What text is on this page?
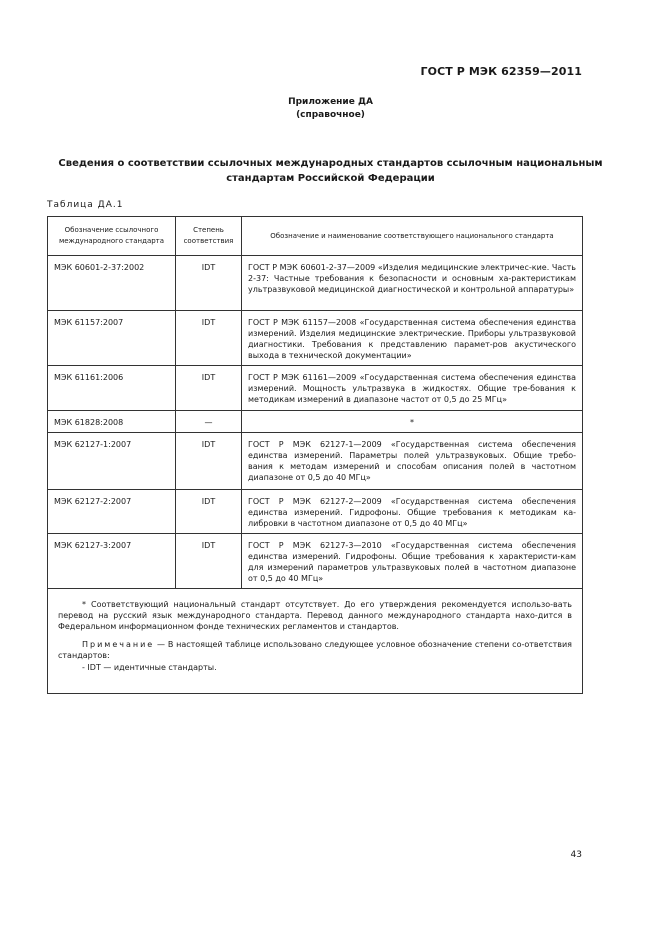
ГОСТ Р МЭК 62359—2011
Приложение ДА
(справочное)
Сведения о соответствии ссылочных международных стандартов ссылочным национальным
стандартам Российской Федерации
Таблица ДА.1
Обозначение ссылочного международного стандарта	Степень соответствия	Обозначение и наименование соответствующего национального стандарта
МЭК 60601-2-37:2002	IDT	ГОСТ Р МЭК 60601-2-37—2009 «Изделия медицинские электричес-кие. Часть 2-37: Частные требования к безопасности и основным ха-рактеристикам ультразвуковой медицинской диагностической и контрольной аппаратуры»
МЭК 61157:2007	IDT	ГОСТ Р МЭК 61157—2008 «Государственная система обеспечения единства измерений. Изделия медицинские электрические. Приборы ультразвуковой диагностики. Требования к представлению парамет-ров акустического выхода в технической документации»
МЭК 61161:2006	IDT	ГОСТ Р МЭК 61161—2009 «Государственная система обеспечения единства измерений. Мощность ультразвука в жидкостях. Общие тре-бования к методикам измерений в диапазоне частот от 0,5 до 25 МГц»
МЭК 61828:2008	—	*
МЭК 62127-1:2007	IDT	ГОСТ Р МЭК 62127-1—2009 «Государственная система обеспечения единства измерений. Параметры полей ультразвуковых. Общие требо-вания к методам измерений и способам описания полей в частотном диапазоне от 0,5 до 40 МГц»
МЭК 62127-2:2007	IDT	ГОСТ Р МЭК 62127-2—2009 «Государственная система обеспечения единства измерений. Гидрофоны. Общие требования к методикам ка-либровки в частотном диапазоне от 0,5 до 40 МГц»
МЭК 62127-3:2007	IDT	ГОСТ Р МЭК 62127-3—2010 «Государственная система обеспечения единства измерений. Гидрофоны. Общие требования к характеристи-кам для измерений параметров ультразвуковых полей в частотном диапазоне от 0,5 до 40 МГц»

* Соответствующий национальный стандарт отсутствует. До его утверждения рекомендуется использо-вать перевод на русский язык международного стандарта. Перевод данного международного стандарта нахо-дится в Федеральном информационном фонде технических регламентов и стандартов.

Примечание — В настоящей таблице использовано следующее условное обозначение степени со-ответствия стандартов:

- IDT — идентичные стандарты.		
43
